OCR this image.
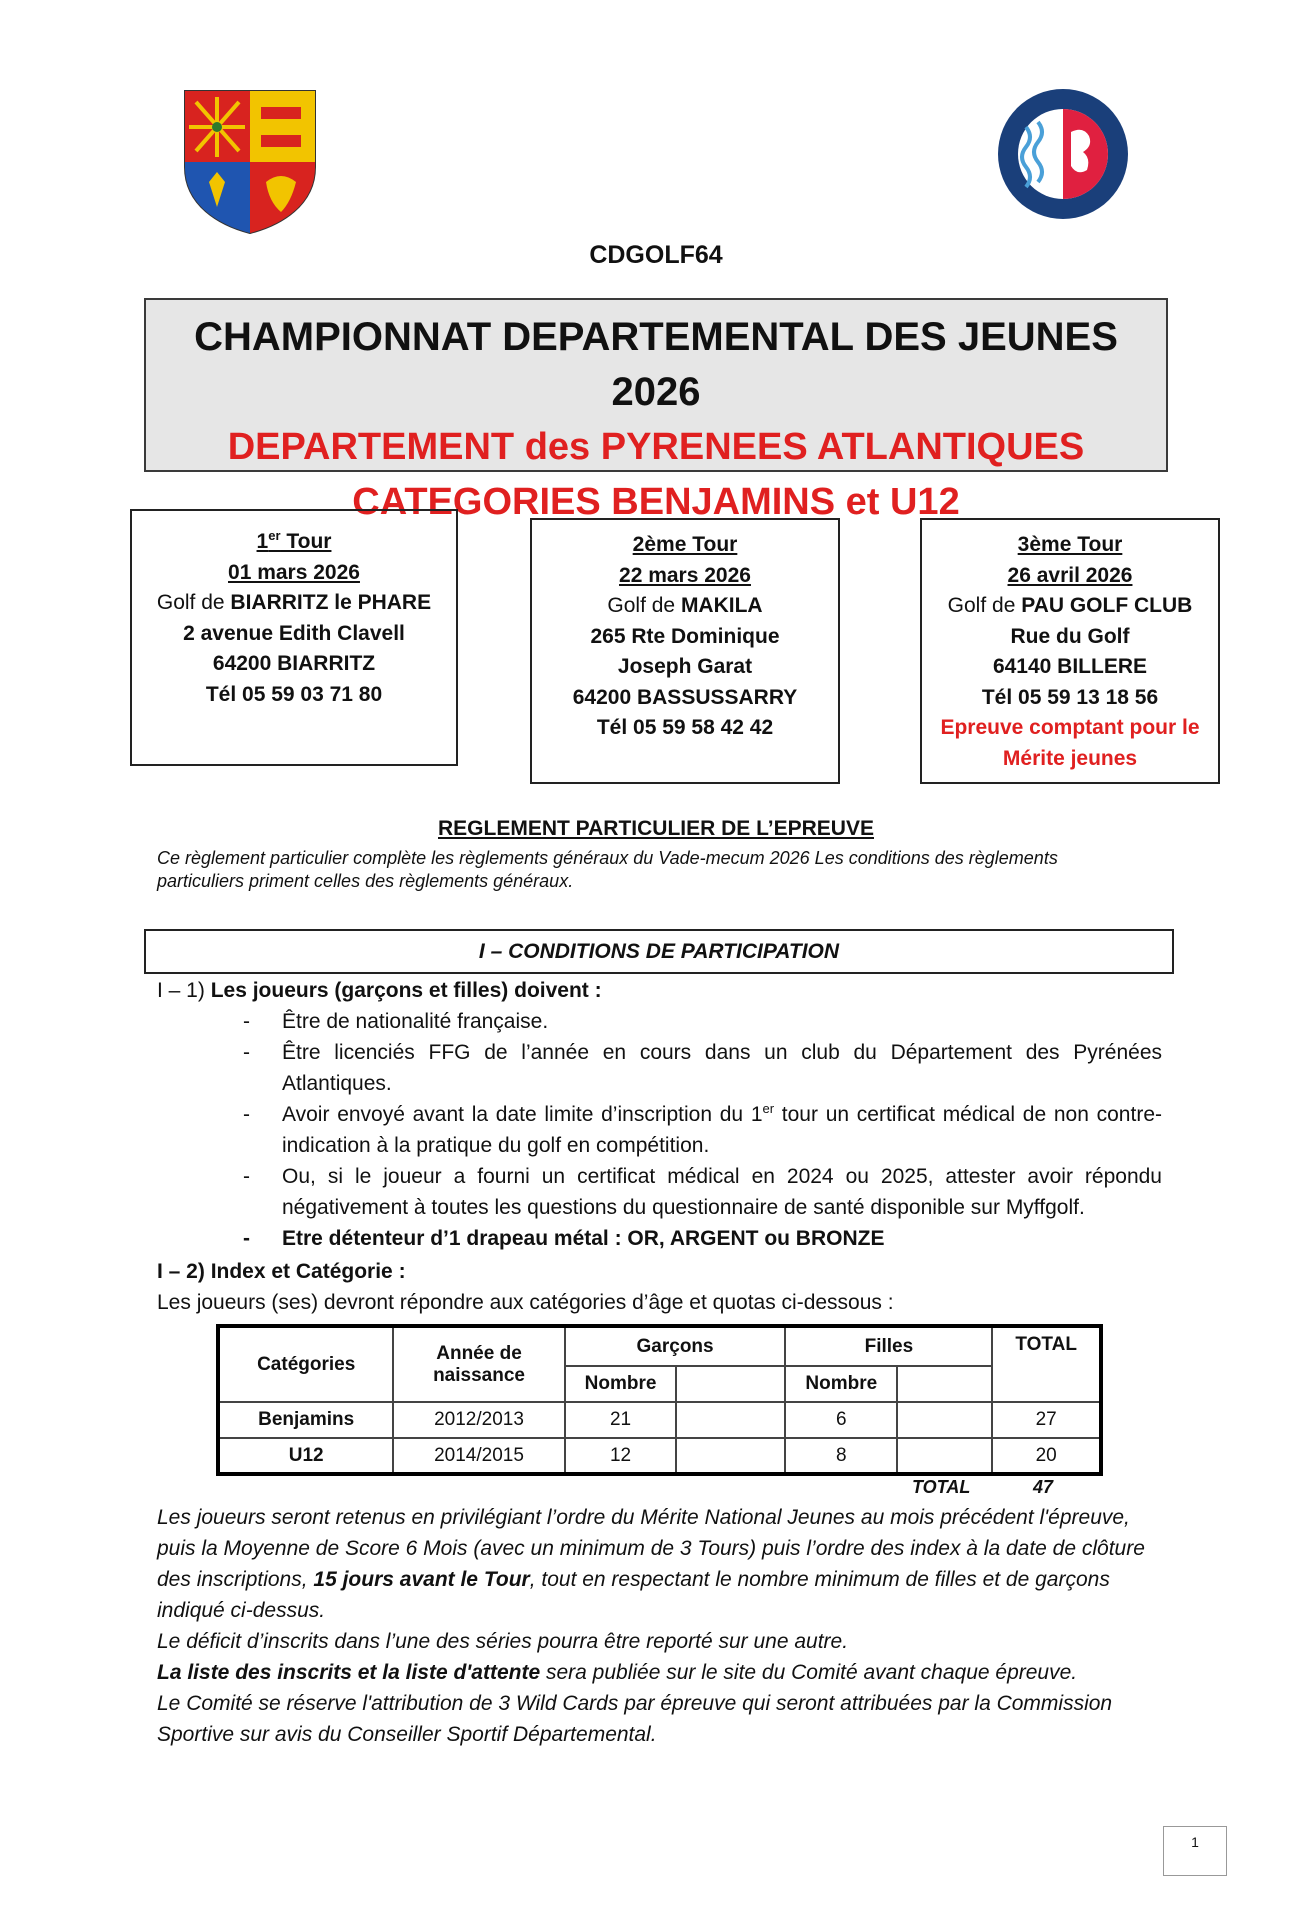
CDGOLF64
CHAMPIONNAT DEPARTEMENTAL DES JEUNES 2026
DEPARTEMENT des PYRENEES ATLANTIQUES
CATEGORIES BENJAMINS et U12
1er Tour
01 mars 2026
Golf de BIARRITZ le PHARE
2 avenue Edith Clavell
64200 BIARRITZ
Tél 05 59 03 71 80
2ème Tour
22 mars 2026
Golf de MAKILA
265 Rte Dominique
Joseph Garat
64200 BASSUSSARRY
Tél 05 59 58 42 42
3ème Tour
26 avril 2026
Golf de PAU GOLF CLUB
Rue du Golf
64140 BILLERE
Tél 05 59 13 18 56
Epreuve comptant pour le
Mérite jeunes
REGLEMENT PARTICULIER DE L’EPREUVE
Ce règlement particulier complète les règlements généraux du Vade-mecum 2026 Les conditions des règlements
particuliers priment celles des règlements généraux.
I – CONDITIONS DE PARTICIPATION
I – 1) Les joueurs (garçons et filles) doivent :
- Être de nationalité française.
- Être licenciés FFG de l’année en cours dans un club du Département des Pyrénées Atlantiques.
- Avoir envoyé avant la date limite d’inscription du 1er tour un certificat médical de non contre-indication à la pratique du golf en compétition.
- Ou, si le joueur a fourni un certificat médical en 2024 ou 2025, attester avoir répondu négativement à toutes les questions du questionnaire de santé disponible sur Myffgolf.
- Etre détenteur d’1 drapeau métal : OR, ARGENT ou BRONZE
I – 2) Index et Catégorie :
Les joueurs (ses) devront répondre aux catégories d’âge et quotas ci-dessous :
Catégories	Année de naissance	Garçons		Filles		TOTAL
		Nombre		Nombre		
Benjamins	2012/2013	21		6		27
U12	2014/2015	12		8		20
TOTAL	47
Les joueurs seront retenus en privilégiant l’ordre du Mérite National Jeunes au mois précédent l'épreuve, puis la Moyenne de Score 6 Mois (avec un minimum de 3 Tours) puis l’ordre des index à la date de clôture des inscriptions, 15 jours avant le Tour, tout en respectant le nombre minimum de filles et de garçons indiqué ci-dessus.
Le déficit d’inscrits dans l’une des séries pourra être reporté sur une autre.
La liste des inscrits et la liste d'attente sera publiée sur le site du Comité avant chaque épreuve.
Le Comité se réserve l'attribution de 3 Wild Cards par épreuve qui seront attribuées par la Commission Sportive sur avis du Conseiller Sportif Départemental.
1
